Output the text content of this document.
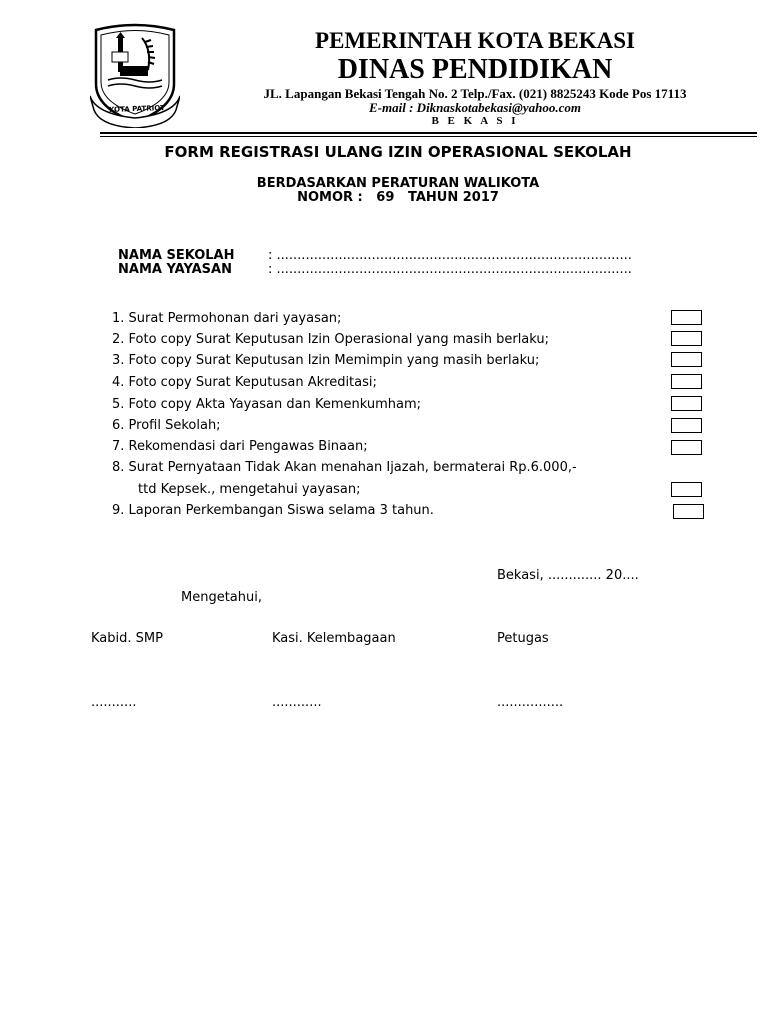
KOTA PATRIOT
PEMERINTAH KOTA BEKASI
DINAS PENDIDIKAN
JL. Lapangan Bekasi Tengah No. 2 Telp./Fax. (021) 8825243 Kode Pos 17113
E-mail : Diknaskotabekasi@yahoo.com
B E K A S I
FORM REGISTRASI ULANG IZIN OPERASIONAL SEKOLAH
BERDASARKAN PERATURAN WALIKOTA
NOMOR :   69   TAHUN 2017
NAMA SEKOLAH	: ......................................................................................
NAMA YAYASAN	: ......................................................................................
1. Surat Permohonan dari yayasan;
2. Foto copy Surat Keputusan Izin Operasional yang masih berlaku;
3. Foto copy Surat Keputusan Izin Memimpin yang masih berlaku;
4. Foto copy Surat Keputusan Akreditasi;
5. Foto copy Akta Yayasan dan Kemenkumham;
6. Profil Sekolah;
7. Rekomendasi dari Pengawas Binaan;
8. Surat Pernyataan Tidak Akan menahan Ijazah, bermaterai Rp.6.000,-
ttd Kepsek., mengetahui yayasan;
9. Laporan Perkembangan Siswa selama 3 tahun.
Bekasi, ............. 20....
Mengetahui,
Kabid. SMP	Kasi. Kelembagaan	Petugas
...........	............	................
